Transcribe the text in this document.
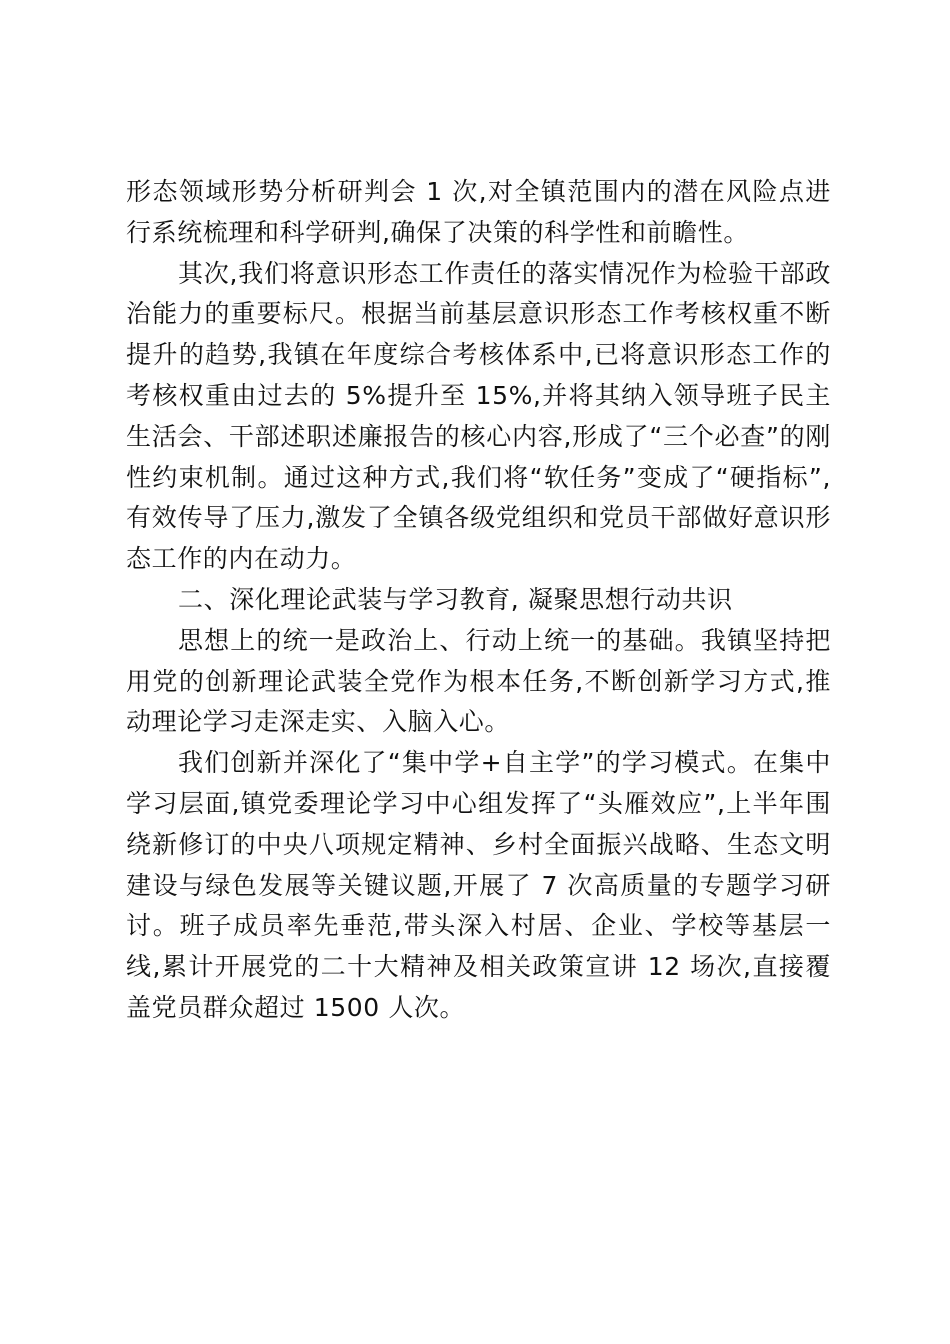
形态领域形势分析研判会 1 次,对全镇范围内的潜在风险点进行系统梳理和科学研判,确保了决策的科学性和前瞻性。

其次,我们将意识形态工作责任的落实情况作为检验干部政治能力的重要标尺。根据当前基层意识形态工作考核权重不断提升的趋势,我镇在年度综合考核体系中,已将意识形态工作的考核权重由过去的 5%提升至 15%,并将其纳入领导班子民主生活会、干部述职述廉报告的核心内容,形成了“三个必查”的刚性约束机制。通过这种方式,我们将“软任务”变成了“硬指标”,有效传导了压力,激发了全镇各级党组织和党员干部做好意识形态工作的内在动力。

二、深化理论武装与学习教育, 凝聚思想行动共识

思想上的统一是政治上、行动上统一的基础。我镇坚持把用党的创新理论武装全党作为根本任务,不断创新学习方式,推动理论学习走深走实、入脑入心。

我们创新并深化了“集中学+自主学”的学习模式。在集中学习层面,镇党委理论学习中心组发挥了“头雁效应”,上半年围绕新修订的中央八项规定精神、乡村全面振兴战略、生态文明建设与绿色发展等关键议题,开展了 7 次高质量的专题学习研讨。班子成员率先垂范,带头深入村居、企业、学校等基层一线,累计开展党的二十大精神及相关政策宣讲 12 场次,直接覆盖党员群众超过 1500 人次。
